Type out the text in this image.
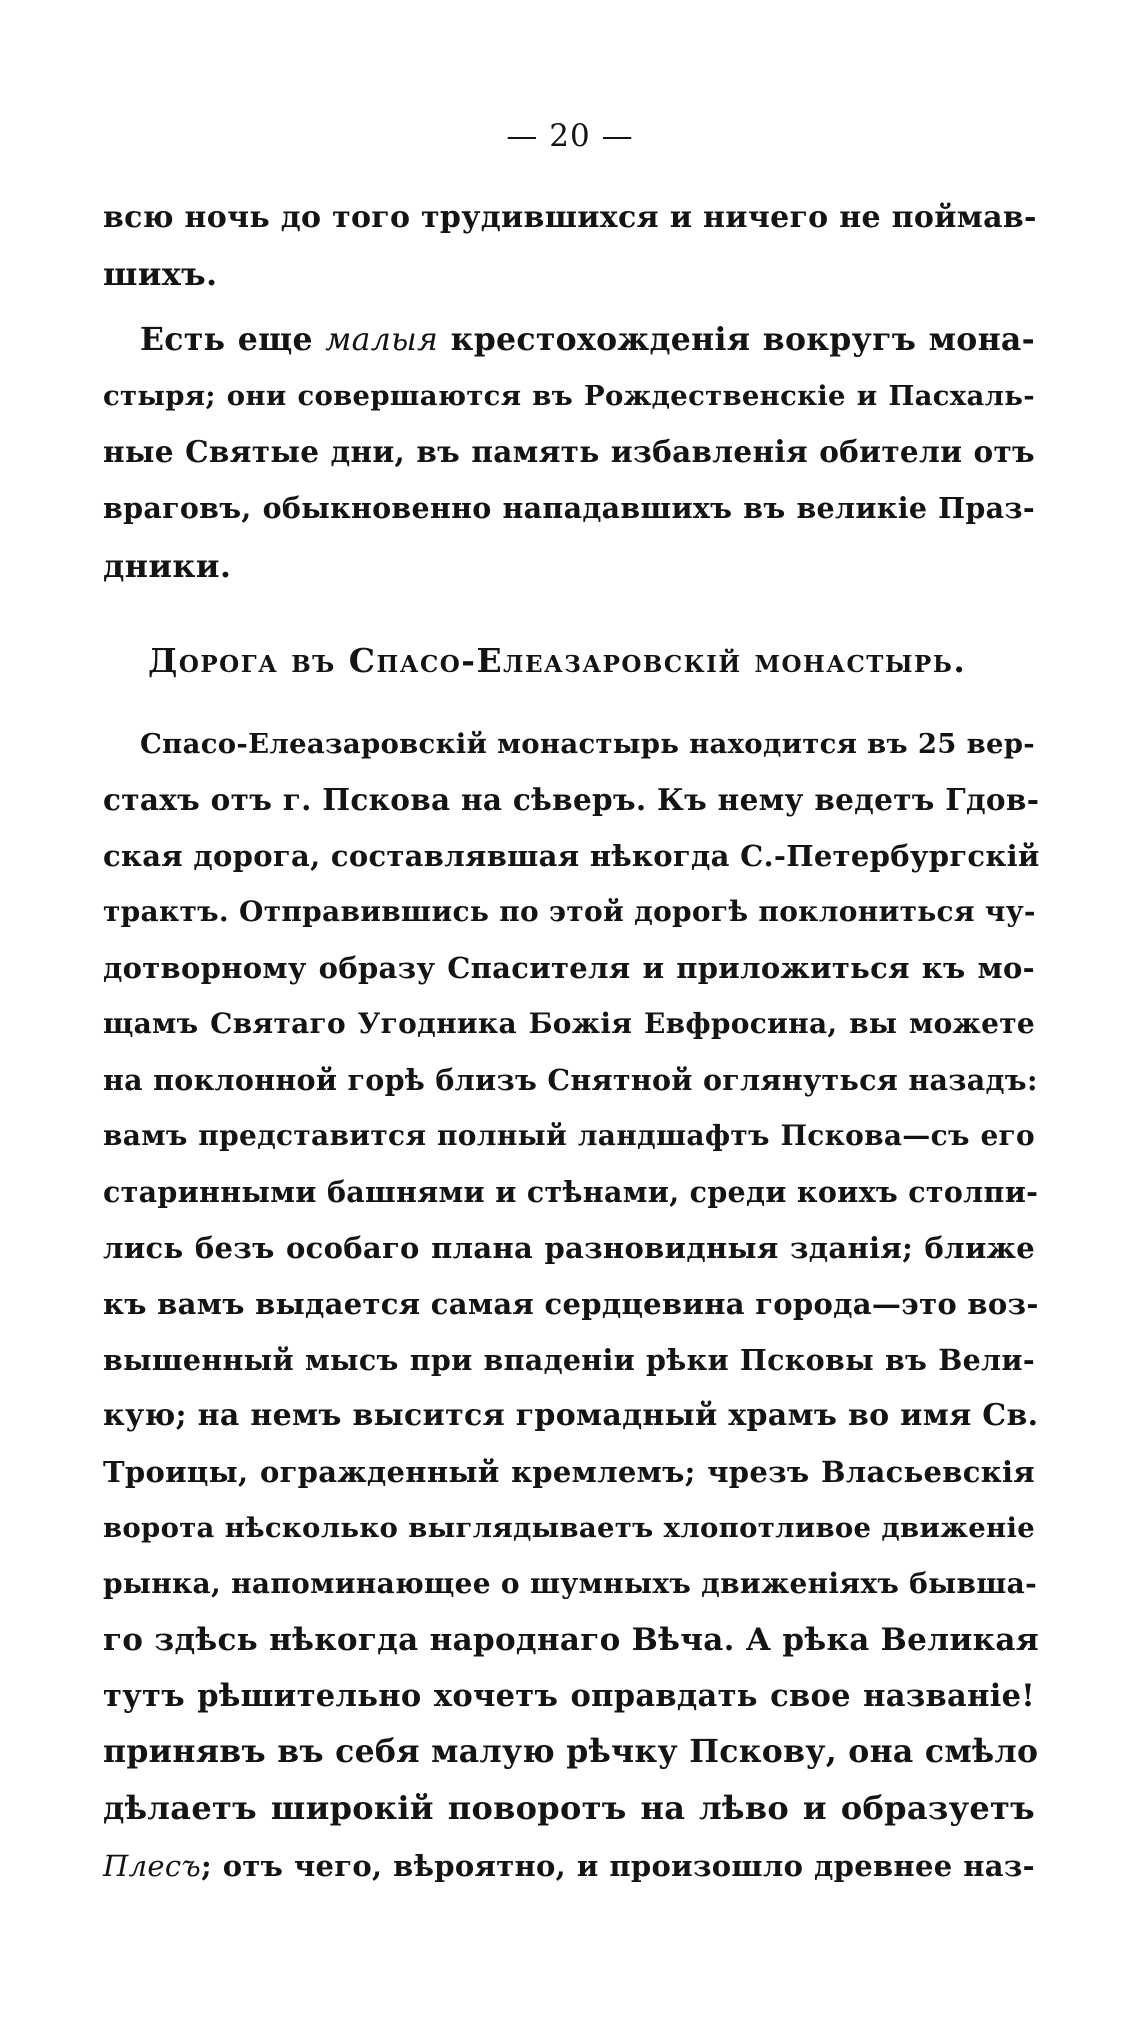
— 20 —
всю ночь до того трудившихся и ничего не поймав-
шихъ.
Есть еще малыя крестохожденія вокругъ мона-
стыря; они совершаются въ Рождественскіе и Пасхаль-
ные Святые дни, въ память избавленія обители отъ
враговъ, обыкновенно нападавшихъ въ великіе Праз-
дники.
Дорога въ Спасо-Елеазаровскій монастырь.
Спасо-Елеазаровскій монастырь находится въ 25 вер-
стахъ отъ г. Пскова на сѣверъ. Къ нему ведетъ Гдов-
ская дорога, составлявшая нѣкогда С.-Петербургскій
трактъ. Отправившись по этой дорогѣ поклониться чу-
дотворному образу Спасителя и приложиться къ мо-
щамъ Святаго Угодника Божія Евфросина, вы можете
на поклонной горѣ близъ Снятной оглянуться назадъ:
вамъ представится полный ландшафтъ Пскова—съ его
старинными башнями и стѣнами, среди коихъ столпи-
лись безъ особаго плана разновидныя зданія; ближе
къ вамъ выдается самая сердцевина города—это воз-
вышенный мысъ при впаденіи рѣки Псковы въ Вели-
кую; на немъ высится громадный храмъ во имя Св.
Троицы, огражденный кремлемъ; чрезъ Власьевскія
ворота нѣсколько выглядываетъ хлопотливое движеніе
рынка, напоминающее о шумныхъ движеніяхъ бывша-
го здѣсь нѣкогда народнаго Вѣча. А рѣка Великая
тутъ рѣшительно хочетъ оправдать свое названіе!
принявъ въ себя малую рѣчку Пскову, она смѣло
дѣлаетъ широкій поворотъ на лѣво и образуетъ
Плесъ; отъ чего, вѣроятно, и произошло древнее наз-
